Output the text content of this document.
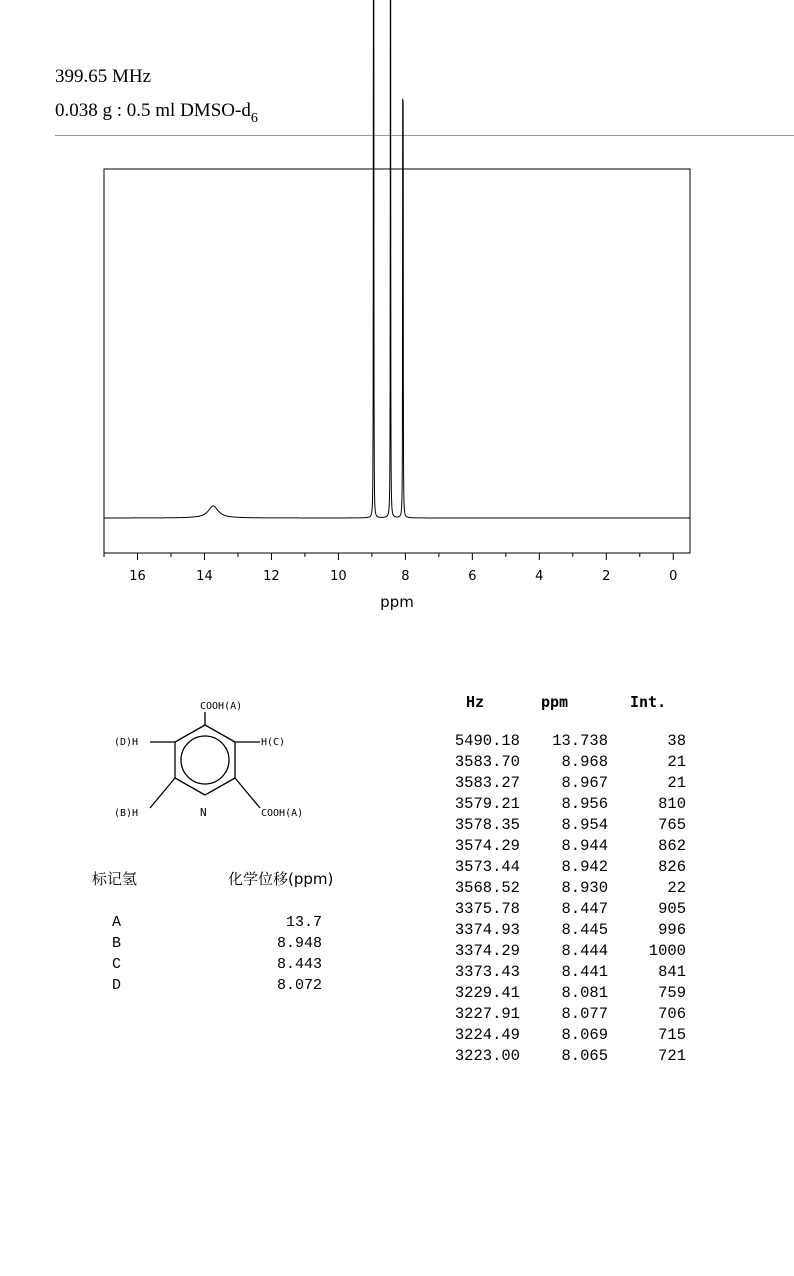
399.65 MHz
0.038 g : 0.5 ml DMSO-$d_6$
16	14	12	10	8	6	4	2	0
ppm
COOH(A)
H(C)
(D)H
(B)H	N	COOH(A)
标记氢	化学位移(ppm)
A	13.7
B	8.948
C	8.443
D	8.072
Hz	ppm	Int.
5490.18	13.738	38
3583.70	8.968	21
3583.27	8.967	21
3579.21	8.956	810
3578.35	8.954	765
3574.29	8.944	862
3573.44	8.942	826
3568.52	8.930	22
3375.78	8.447	905
3374.93	8.445	996
3374.29	8.444	1000
3373.43	8.441	841
3229.41	8.081	759
3227.91	8.077	706
3224.49	8.069	715
3223.00	8.065	721
